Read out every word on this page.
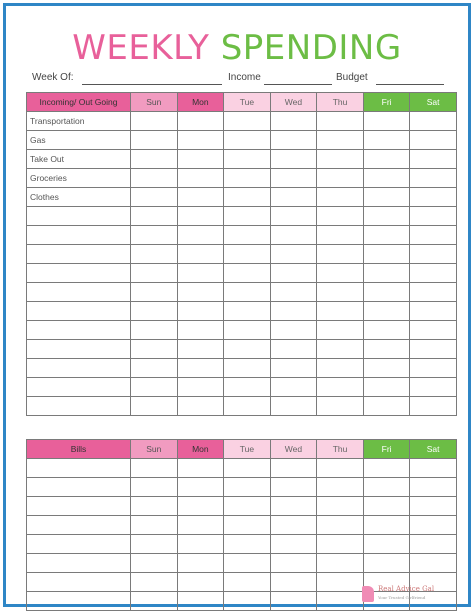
WEEKLY SPENDING
Week Of:	Income	Budget
Incoming/ Out Going	Sun	Mon	Tue	Wed	Thu	Fri	Sat
Transportation							
Gas							
Take Out							
Groceries							
Clothes							

Bills	Sun	Mon	Tue	Wed	Thu	Fri	Sat

Real Advice Gal
Your Trusted Girlfriend
